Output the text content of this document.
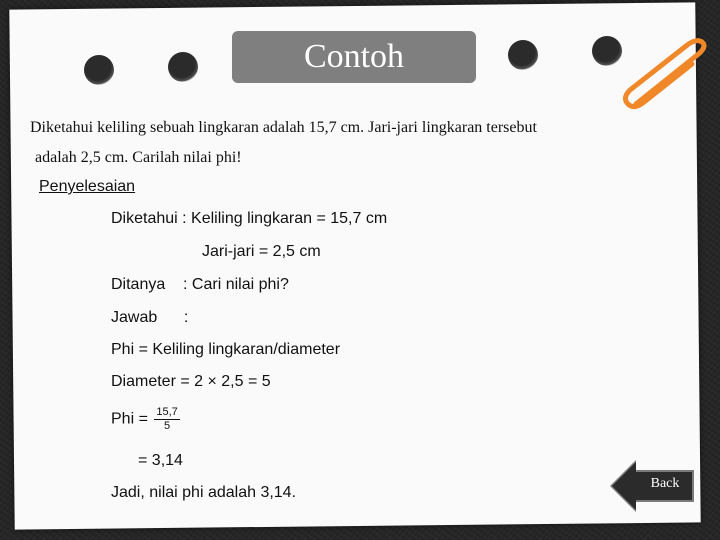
Contoh
Diketahui keliling sebuah lingkaran adalah 15,7 cm. Jari-jari lingkaran tersebut
adalah 2,5 cm. Carilah nilai phi!
Penyelesaian
Diketahui : Keliling lingkaran = 15,7 cm
Jari-jari = 2,5 cm
Ditanya    : Cari nilai phi?
Jawab      :
Phi = Keliling lingkaran/diameter
Diameter = 2 × 2,5 = 5
Phi = $\frac{15,7}{5}$
= 3,14
Jadi, nilai phi adalah 3,14.
Back
